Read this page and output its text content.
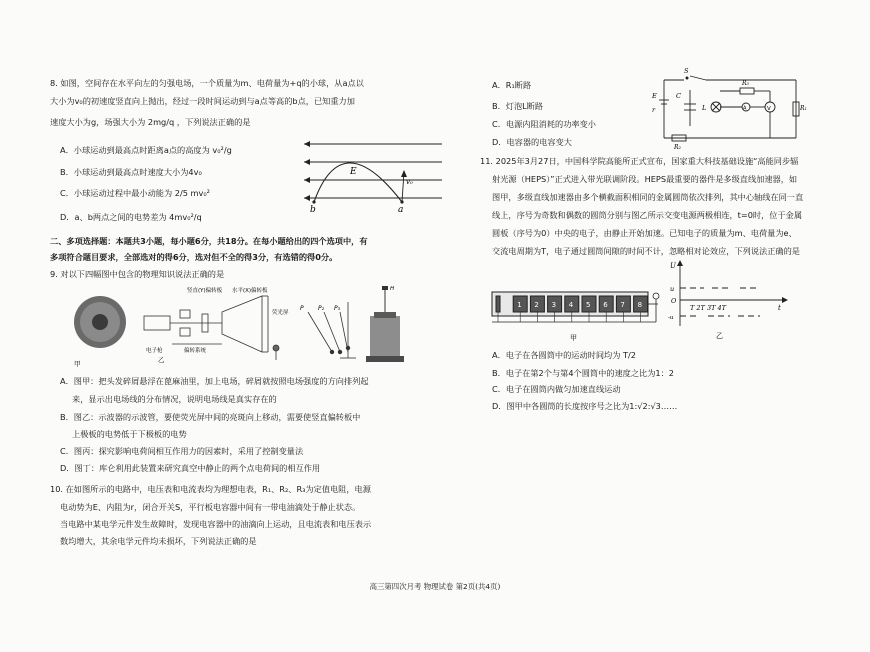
8. 如图，空间存在水平向左的匀强电场，一个质量为m、电荷量为+q的小球，从a点以
大小为v₀的初速度竖直向上抛出，经过一段时间运动到与a点等高的b点，已知重力加
速度大小为g，场强大小为 2mg/q ，下列说法正确的是
A．小球运动到最高点时距离a点的高度为 v₀²/g
B．小球运动到最高点时速度大小为4v₀
C．小球运动过程中最小动能为 2/5 mv₀²
D．a、b两点之间的电势差为 4mv₀²/q
E
v₀
b	a
二、多项选择题：本题共3小题，每小题6分，共18分。在每小题给出的四个选项中，有
多项符合题目要求，全部选对的得6分，选对但不全的得3分，有选错的得0分。
9. 对以下四幅图中包含的物理知识说法正确的是
甲
竖直(Y)偏转板 水平(X)偏转板
荧光屏
电子枪	偏转系统
乙
P P₂ P₃
H
A．图甲：把头发碎屑悬浮在蓖麻油里，加上电场，碎屑就按照电场强度的方向排列起
来，显示出电场线的分布情况，说明电场线是真实存在的
B．图乙：示波器的示波管，要使荧光屏中间的亮斑向上移动，需要使竖直偏转板中
上极板的电势低于下极板的电势
C．图丙：探究影响电荷间相互作用力的因素时，采用了控制变量法
D．图丁：库仑利用此装置来研究真空中静止的两个点电荷间的相互作用
10. 在如图所示的电路中，电压表和电流表均为理想电表，R₁、R₂、R₃为定值电阻，电源
电动势为E、内阻为r，闭合开关S，平行板电容器中间有一带电油滴处于静止状态。
当电路中某电学元件发生故障时，发现电容器中的油滴向上运动，且电流表和电压表示
数均增大，其余电学元件均未损坏，下列说法正确的是
A．R₁断路
B．灯泡L断路
C．电源内阻消耗的功率变小
D．电容器的电容变大
S
E
r
C
L	V
A	R₁
R₃
R₂
11. 2025年3月27日，中国科学院高能所正式宣布，国家重大科技基础设施“高能同步辐
射光源（HEPS）”正式进入带光联调阶段。HEPS最重要的器件是多级直线加速器，如
图甲，多级直线加速器由多个横截面积相同的金属圆筒依次排列，其中心轴线在同一直
线上，序号为奇数和偶数的圆筒分别与图乙所示交变电源两极相连，t=0时，位于金属
圆板（序号为0）中央的电子，由静止开始加速。已知电子的质量为m、电荷量为e、
交流电周期为T，电子通过圆筒间隙的时间不计，忽略相对论效应，下列说法正确的是
1 2 3 4 5 6 7 8
甲
U
u
O
-u
T 2T 3T 4T	t
乙
A．电子在各圆筒中的运动时间均为 T/2
B．电子在第2个与第4个圆筒中的速度之比为1：2
C．电子在圆筒内做匀加速直线运动
D．图甲中各圆筒的长度按序号之比为1:√2:√3……
高三第四次月考 物理试卷 第2页(共4页)
